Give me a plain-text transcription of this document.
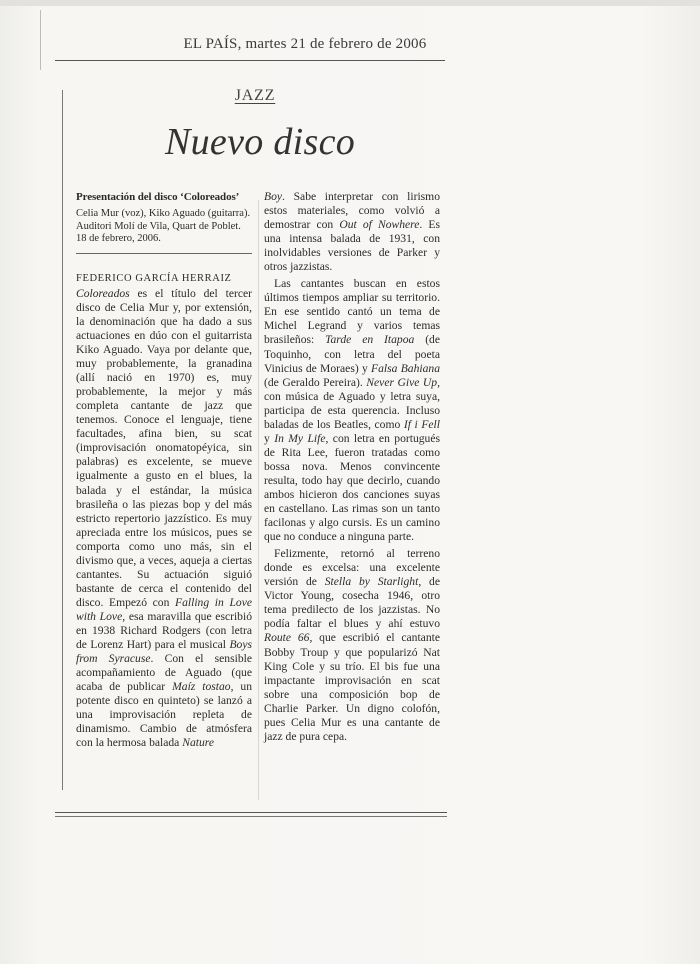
EL PAÍS, martes 21 de febrero de 2006
JAZZ
Nuevo disco
Presentación del disco ‘Coloreados’
Celia Mur (voz), Kiko Aguado (guitarra). Auditori Molí de Vila, Quart de Poblet. 18 de febrero, 2006.
FEDERICO GARCÍA HERRAIZ

Coloreados es el título del tercer disco de Celia Mur y, por extensión, la denominación que ha dado a sus actuaciones en dúo con el guitarrista Kiko Aguado. Vaya por delante que, muy probablemente, la granadina (allí nació en 1970) es, muy probablemente, la mejor y más completa cantante de jazz que tenemos. Conoce el lenguaje, tiene facultades, afina bien, su scat (improvisación onomatopéyica, sin palabras) es excelente, se mueve igualmente a gusto en el blues, la balada y el estándar, la música brasileña o las piezas bop y del más estricto repertorio jazzístico. Es muy apreciada entre los músicos, pues se comporta como uno más, sin el divismo que, a veces, aqueja a ciertas cantantes. Su actuación siguió bastante de cerca el contenido del disco. Empezó con Falling in Love with Love, esa maravilla que escribió en 1938 Richard Rodgers (con letra de Lorenz Hart) para el musical Boys from Syracuse. Con el sensible acompañamiento de Aguado (que acaba de publicar Maíz tostao, un potente disco en quinteto) se lanzó a una improvisación repleta de dinamismo. Cambio de atmósfera con la hermosa balada Nature

Boy. Sabe interpretar con lirismo estos materiales, como volvió a demostrar con Out of Nowhere. Es una intensa balada de 1931, con inolvidables versiones de Parker y otros jazzistas.

Las cantantes buscan en estos últimos tiempos ampliar su territorio. En ese sentido cantó un tema de Michel Legrand y varios temas brasileños: Tarde en Itapoa (de Toquinho, con letra del poeta Vinicius de Moraes) y Falsa Bahiana (de Geraldo Pereira). Never Give Up, con música de Aguado y letra suya, participa de esta querencia. Incluso baladas de los Beatles, como If i Fell y In My Life, con letra en portugués de Rita Lee, fueron tratadas como bossa nova. Menos convincente resulta, todo hay que decirlo, cuando ambos hicieron dos canciones suyas en castellano. Las rimas son un tanto facilonas y algo cursis. Es un camino que no conduce a ninguna parte.

Felizmente, retornó al terreno donde es excelsa: una excelente versión de Stella by Starlight, de Victor Young, cosecha 1946, otro tema predilecto de los jazzistas. No podía faltar el blues y ahí estuvo Route 66, que escribió el cantante Bobby Troup y que popularizó Nat King Cole y su trío. El bis fue una impactante improvisación en scat sobre una composición bop de Charlie Parker. Un digno colofón, pues Celia Mur es una cantante de jazz de pura cepa.
